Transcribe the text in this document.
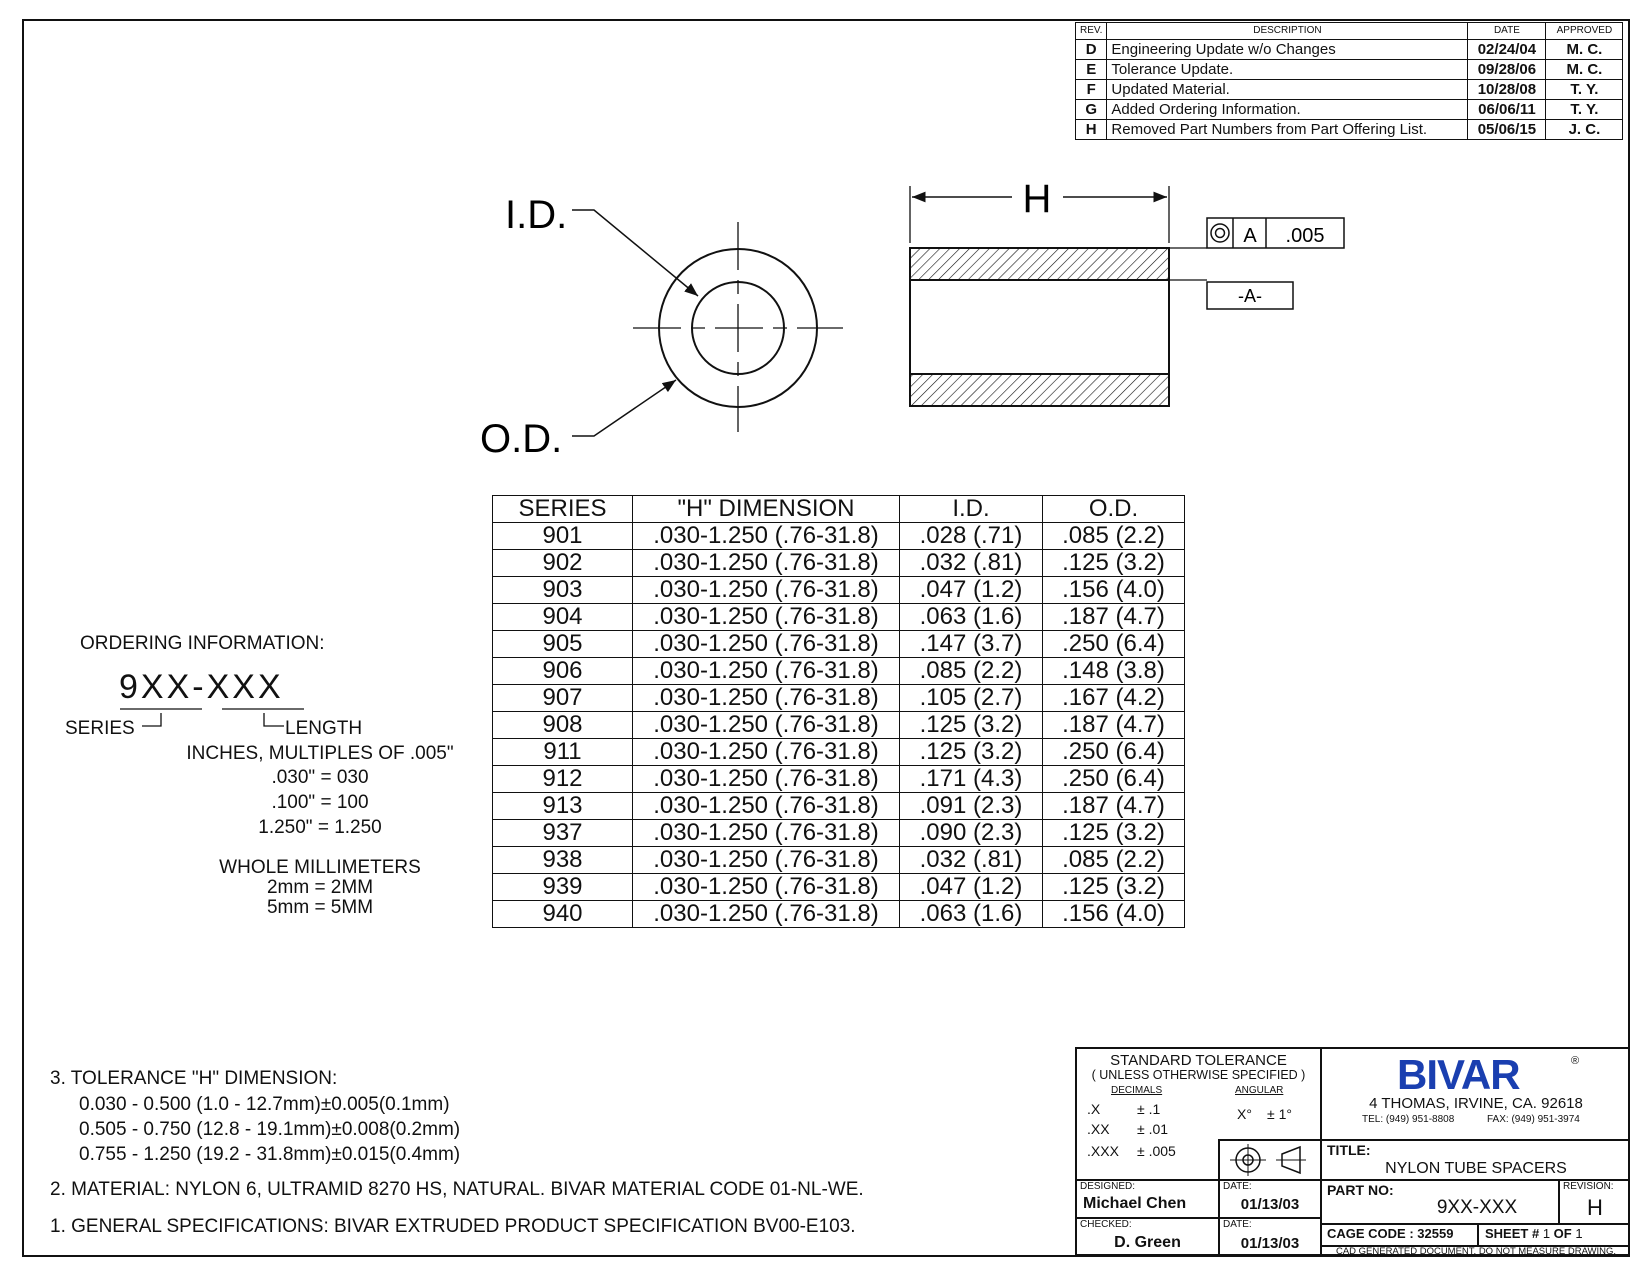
REV.	DESCRIPTION	DATE	APPROVED
D	Engineering Update w/o Changes	02/24/04	M. C.
E	Tolerance Update.	09/28/06	M. C.
F	Updated Material.	10/28/08	T. Y.
G	Added Ordering Information.	06/06/11	T. Y.
H	Removed Part Numbers from Part Offering List.	05/06/15	J. C.
I.D.
O.D.
H
A .005
-A-
SERIES	"H" DIMENSION	I.D.	O.D.
901	.030-1.250 (.76-31.8)	.028 (.71)	.085 (2.2)
902	.030-1.250 (.76-31.8)	.032 (.81)	.125 (3.2)
903	.030-1.250 (.76-31.8)	.047 (1.2)	.156 (4.0)
904	.030-1.250 (.76-31.8)	.063 (1.6)	.187 (4.7)
905	.030-1.250 (.76-31.8)	.147 (3.7)	.250 (6.4)
906	.030-1.250 (.76-31.8)	.085 (2.2)	.148 (3.8)
907	.030-1.250 (.76-31.8)	.105 (2.7)	.167 (4.2)
908	.030-1.250 (.76-31.8)	.125 (3.2)	.187 (4.7)
911	.030-1.250 (.76-31.8)	.125 (3.2)	.250 (6.4)
912	.030-1.250 (.76-31.8)	.171 (4.3)	.250 (6.4)
913	.030-1.250 (.76-31.8)	.091 (2.3)	.187 (4.7)
937	.030-1.250 (.76-31.8)	.090 (2.3)	.125 (3.2)
938	.030-1.250 (.76-31.8)	.032 (.81)	.085 (2.2)
939	.030-1.250 (.76-31.8)	.047 (1.2)	.125 (3.2)
940	.030-1.250 (.76-31.8)	.063 (1.6)	.156 (4.0)
ORDERING INFORMATION:
9XX-XXX
SERIES	LENGTH
INCHES, MULTIPLES OF .005"
.030" = 030
.100" = 100
1.250" = 1.250
WHOLE MILLIMETERS
2mm = 2MM
5mm = 5MM
3. TOLERANCE "H" DIMENSION:
0.030 - 0.500 (1.0 - 12.7mm)±0.005(0.1mm)
0.505 - 0.750 (12.8 - 19.1mm)±0.008(0.2mm)
0.755 - 1.250 (19.2 - 31.8mm)±0.015(0.4mm)
2. MATERIAL: NYLON 6, ULTRAMID 8270 HS, NATURAL. BIVAR MATERIAL CODE 01-NL-WE.
1. GENERAL SPECIFICATIONS: BIVAR EXTRUDED PRODUCT SPECIFICATION BV00-E103.
STANDARD TOLERANCE
( UNLESS OTHERWISE SPECIFIED )
DECIMALS	ANGULAR
.X	± .1
.XX ± .01
.XXX ± .005
X° ± 1°
BIVAR	®
4 THOMAS, IRVINE, CA. 92618
TEL: (949) 951-8808	FAX: (949) 951-3974
TITLE:
NYLON TUBE SPACERS
DESIGNED:
Michael Chen
DATE:
01/13/03
CHECKED:
D. Green
DATE:
01/13/03
PART NO:
9XX-XXX
REVISION:
H
CAGE CODE : 32559 SHEET # 1 OF 1
CAD GENERATED DOCUMENT, DO NOT MEASURE DRAWING.
